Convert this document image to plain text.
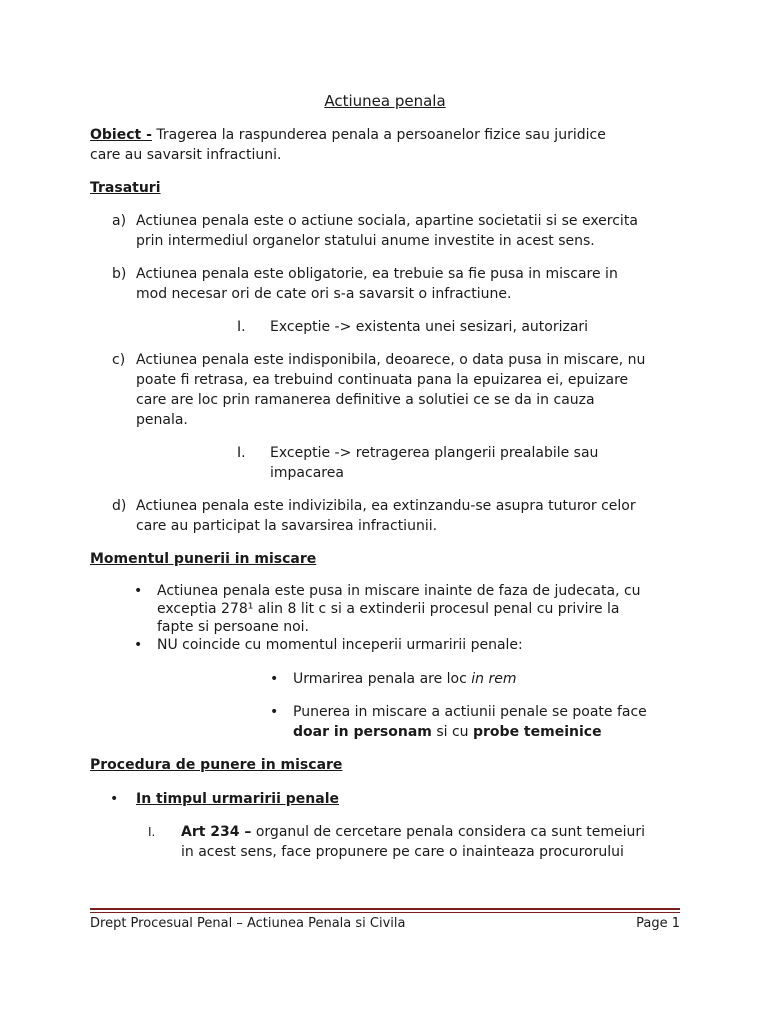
Actiunea penala
Obiect - Tragerea la raspunderea penala a persoanelor fizice sau juridice
care au savarsit infractiuni.
Trasaturi
a) Actiunea penala este o actiune sociala, apartine societatii si se exercita
prin intermediul organelor statului anume investite in acest sens.
b) Actiunea penala este obligatorie, ea trebuie sa fie pusa in miscare in
mod necesar ori de cate ori s-a savarsit o infractiune.
I. Exceptie -> existenta unei sesizari, autorizari
c) Actiunea penala este indisponibila, deoarece, o data pusa in miscare, nu
poate fi retrasa, ea trebuind continuata pana la epuizarea ei, epuizare
care are loc prin ramanerea definitive a solutiei ce se da in cauza
penala.
I. Exceptie -> retragerea plangerii prealabile sau
impacarea
d) Actiunea penala este indivizibila, ea extinzandu-se asupra tuturor celor
care au participat la savarsirea infractiunii.
Momentul punerii in miscare
• Actiunea penala este pusa in miscare inainte de faza de judecata, cu
exceptia 278¹ alin 8 lit c si a extinderii procesul penal cu privire la
fapte si persoane noi.
• NU coincide cu momentul inceperii urmaririi penale:
• Urmarirea penala are loc in rem
• Punerea in miscare a actiunii penale se poate face
doar in personam si cu probe temeinice
Procedura de punere in miscare
• In timpul urmaririi penale
I. Art 234 – organul de cercetare penala considera ca sunt temeiuri
in acest sens, face propunere pe care o inainteaza procurorului
Drept Procesual Penal – Actiunea Penala si Civila	Page 1
